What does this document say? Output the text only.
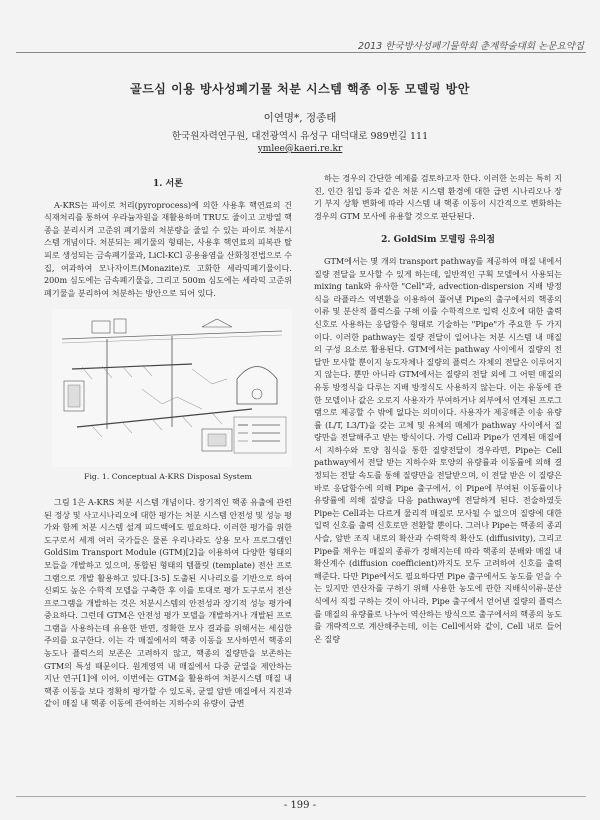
2013 한국방사성폐기물학회 춘계학술대회 논문요약집
골드심 이용 방사성폐기물 처분 시스템 핵종 이동 모델링 방안
이연명*, 정종태
한국원자력연구원, 대전광역시 유성구 대덕대로 989번길 111
ymlee@kaeri.re.kr
1. 서론

A-KRS는 파이로 처리(pyroprocess)에 의한 사용후 핵연료의 건식재처리를 통하여 우라늄자원을 재활용하며 TRU도 줄이고 고방열 핵종을 분리시켜 고준위 폐기물의 처분량을 줄일 수 있는 파이로 처분시스템 개념이다. 처분되는 폐기물의 형태는, 사용후 핵연료의 피복관 탈피로 생성되는 금속폐기물과, LiCl-KCl 공용융염을 산화칭전법으로 수집, 여과하여 모나자이트(Monazite)로 고화한 세라믹폐기물이다. 200m 심도에는 금속폐기물을, 그리고 500m 심도에는 세라믹 고준위 폐기물을 분리하여 처분하는 방안으로 되어 있다.

Fig. 1. Conceptual A-KRS Disposal System

그림 1은 A-KRS 처분 시스템 개념이다. 장기적인 핵종 유출에 관련된 정상 및 사고시나리오에 대한 평가는 처분 시스템 안전성 및 성능 평가와 함께 처분 시스템 설계 피드백에도 필요하다. 이러한 평가를 위한 도구로서 세계 여러 국가들은 물론 우리나라도 상용 모사 프로그램인 GoldSim Transport Module (GTM)[2]을 이용하여 다양한 형태의 모들을 개발하고 있으며, 통합된 형태의 템플릿 (template) 전산 프로그램으로 개발 활용하고 있다.[3-5] 도출된 시나리오를 기반으로 하여 신뢰도 높은 수학적 모델을 구축한 후 이를 토대로 평가 도구로서 전산 프로그램을 개발하는 것은 처분시스템의 안전성과 장기적 성능 평가에 중요하다. 그런데 GTM은 안전성 평가 모델을 개발하거나 개발된 프로그램을 사용하는데 유용한 반면, 정확한 모사 결과를 위해서는 세심한 주의를 요구한다. 이는 각 매질에서의 핵종 이동을 모사하면서 핵종의 농도나 플럭스의 보존은 고려하지 않고, 핵종의 질량만을 보존하는 GTM의 특성 때문이다. 원계영역 내 매질에서 다중 균열을 제안하는 지난 연구[1]에 이어, 이번에는 GTM을 활용하여 처분시스템 매질 내 핵종 이동을 보다 정확히 평가할 수 있도록, 균열 암반 매질에서 지진과 같이 매질 내 핵종 이동에 관여하는 지하수의 유량이 급변

하는 경우의 간단한 예제를 검토하고자 한다. 이러한 논의는 특히 지진, 인간 침입 등과 같은 처분 시스템 환경에 대한 급변 시나리오나 장기 부지 상황 변화에 따라 시스템 내 핵종 이동이 시간적으로 변화하는 경우의 GTM 모사에 유용할 것으로 판단된다.

2. GoldSim 모델링 유의점

GTM에서는 몇 개의 transport pathway를 제공하여 매질 내에서 질량 전달을 모사할 수 있게 하는데, 일반적인 구획 모델에서 사용되는 mixing tank와 유사한 "Cell"과, advection-dispersion 지배 방정식을 라플라스 역변환을 이용하여 풀어낸 Pipe의 출구에서의 핵종의 이류 및 분산적 플럭스를 구해 이를 수학적으로 입력 신호에 대한 출력 신호로 사용하는 응답함수 형태로 기술하는 "Pipe"가 주요한 두 가지이다. 이러한 pathway는 질량 전달이 일어나는 처분 시스템 내 매질의 구성 요소로 활용된다. GTM에서는 pathway 사이에서 질량의 전달만 모사할 뿐이지 농도자체나 질량의 플럭스 자체의 전달은 이루어지지 않는다. 뿐만 아니라 GTM에서는 질량의 전달 외에 그 어떤 매질의 유동 방정식을 다루는 지배 방정식도 사용하지 않는다. 이는 유동에 관한 모델이나 값은 오로지 사용자가 부여하거나 외부에서 연계된 프로그램으로 제공할 수 밖에 없다는 의미이다. 사용자가 제공해준 이송 유량률 (L/T, L3/T)을 갖는 고체 및 유체의 매체가 pathway 사이에서 질량만을 전달해주고 받는 방식이다. 가령 Cell과 Pipe가 연계된 매질에서 지하수와 토양 침식을 통한 질량전달이 경우라면, Pipe는 Cell pathway에서 전달 받는 지하수와 토양의 유량률과 이동률에 의해 결정되는 전달 속도를 통해 질량만을 전달받으며, 이 전달 받은 이 질량은 바로 응답함수에 의해 Pipe 출구에서, 이 Pipe에 부여된 이동률이나 유량률에 의해 질량을 다음 pathway에 전달하게 된다. 전술하였듯 Pipe는 Cell과는 다르게 물리적 매질로 모사될 수 없으며 질량에 대한 입력 신호를 출력 신호로만 전환할 뿐이다. 그러나 Pipe는 핵종의 종괴 사슬, 암반 조직 내로의 확산과 수력학적 확산도 (diffusivity), 그리고 Pipe를 채우는 매질의 종류가 정해지는데 따라 핵종의 분배와 매질 내 확산계수 (diffusion coefficient)까지도 모두 고려하여 신호를 출력 해준다. 다만 Pipe에서도 필요하다면 Pipe 출구에서도 농도를 얻을 수는 있지만 연산자를 구하기 위해 사용한 농도에 관한 지배식이류-분산식에서 직접 구하는 것이 아니라, Pipe 출구에서 얻어낸 질량의 플럭스를 매질의 유량률로 나누어 역산하는 방식으로 출구에서의 핵종의 농도를 개략적으로 계산해주는데, 이는 Cell에서와 같이, Cell 내로 들어 온 질량

- 199 -
